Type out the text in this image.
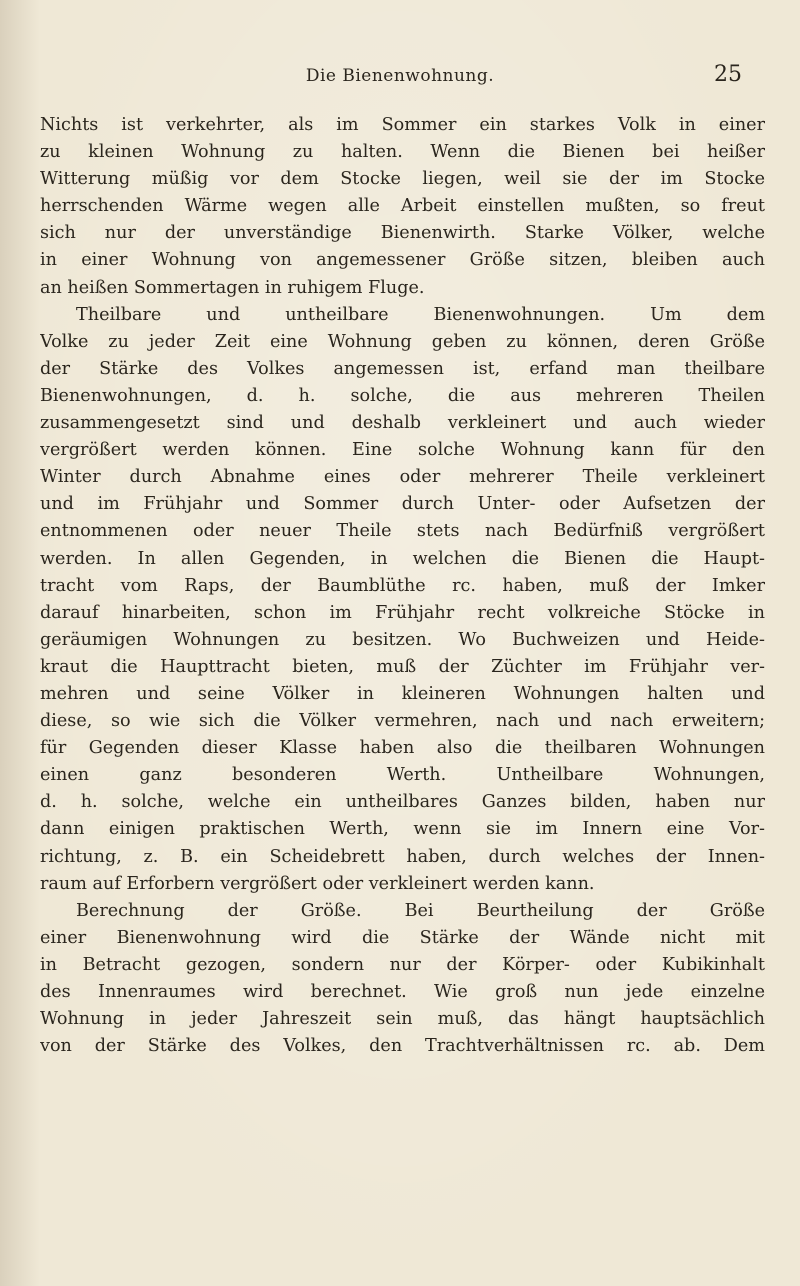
Die Bienenwohnung.	25
Nichts ist verkehrter, als im Sommer ein starkes Volk in einer
zu kleinen Wohnung zu halten. Wenn die Bienen bei heißer
Witterung müßig vor dem Stocke liegen, weil sie der im Stocke
herrschenden Wärme wegen alle Arbeit einstellen mußten, so freut
sich nur der unverständige Bienenwirth. Starke Völker, welche
in einer Wohnung von angemessener Größe sitzen, bleiben auch
an heißen Sommertagen in ruhigem Fluge.
Theilbare und untheilbare Bienenwohnungen. Um dem
Volke zu jeder Zeit eine Wohnung geben zu können, deren Größe
der Stärke des Volkes angemessen ist, erfand man theilbare
Bienenwohnungen, d. h. solche, die aus mehreren Theilen
zusammengesetzt sind und deshalb verkleinert und auch wieder
vergrößert werden können. Eine solche Wohnung kann für den
Winter durch Abnahme eines oder mehrerer Theile verkleinert
und im Frühjahr und Sommer durch Unter- oder Aufsetzen der
entnommenen oder neuer Theile stets nach Bedürfniß vergrößert
werden. In allen Gegenden, in welchen die Bienen die Haupt-
tracht vom Raps, der Baumblüthe rc. haben, muß der Imker
darauf hinarbeiten, schon im Frühjahr recht volkreiche Stöcke in
geräumigen Wohnungen zu besitzen. Wo Buchweizen und Heide-
kraut die Haupttracht bieten, muß der Züchter im Frühjahr ver-
mehren und seine Völker in kleineren Wohnungen halten und
diese, so wie sich die Völker vermehren, nach und nach erweitern;
für Gegenden dieser Klasse haben also die theilbaren Wohnungen
einen ganz besonderen Werth. Untheilbare Wohnungen,
d. h. solche, welche ein untheilbares Ganzes bilden, haben nur
dann einigen praktischen Werth, wenn sie im Innern eine Vor-
richtung, z. B. ein Scheidebrett haben, durch welches der Innen-
raum auf Erforbern vergrößert oder verkleinert werden kann.
Berechnung der Größe. Bei Beurtheilung der Größe
einer Bienenwohnung wird die Stärke der Wände nicht mit
in Betracht gezogen, sondern nur der Körper- oder Kubikinhalt
des Innenraumes wird berechnet. Wie groß nun jede einzelne
Wohnung in jeder Jahreszeit sein muß, das hängt hauptsächlich
von der Stärke des Volkes, den Trachtverhältnissen rc. ab. Dem
